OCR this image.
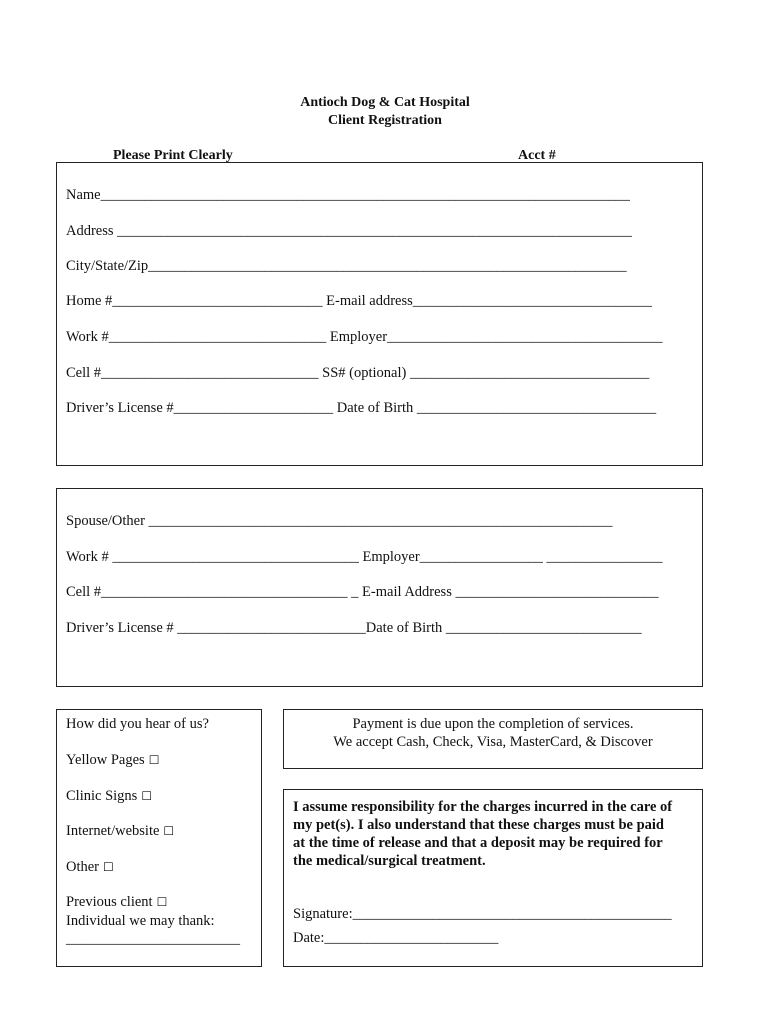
Antioch Dog & Cat Hospital
Client Registration
Please Print Clearly	Acct #
Name_________________________________________________________________________
Address _______________________________________________________________________
City/State/Zip__________________________________________________________________
Home #_____________________________ E-mail address_________________________________
Work #______________________________ Employer______________________________________
Cell #______________________________ SS# (optional) _________________________________
Driver’s License #______________________ Date of Birth _________________________________
Spouse/Other ________________________________________________________________
Work # __________________________________ Employer_________________ ________________
Cell #__________________________________ _ E-mail Address ____________________________
Driver’s License # __________________________Date of Birth ___________________________
How did you hear of us?
Yellow Pages ☐
Clinic Signs ☐
Internet/website ☐
Other ☐
Previous client ☐
Individual we may thank:
________________________
Payment is due upon the completion of services.
We accept Cash, Check, Visa, MasterCard, & Discover
I assume responsibility for the charges incurred in the care of
my pet(s). I also understand that these charges must be paid
at the time of release and that a deposit may be required for
the medical/surgical treatment.
Signature:____________________________________________
Date:________________________
